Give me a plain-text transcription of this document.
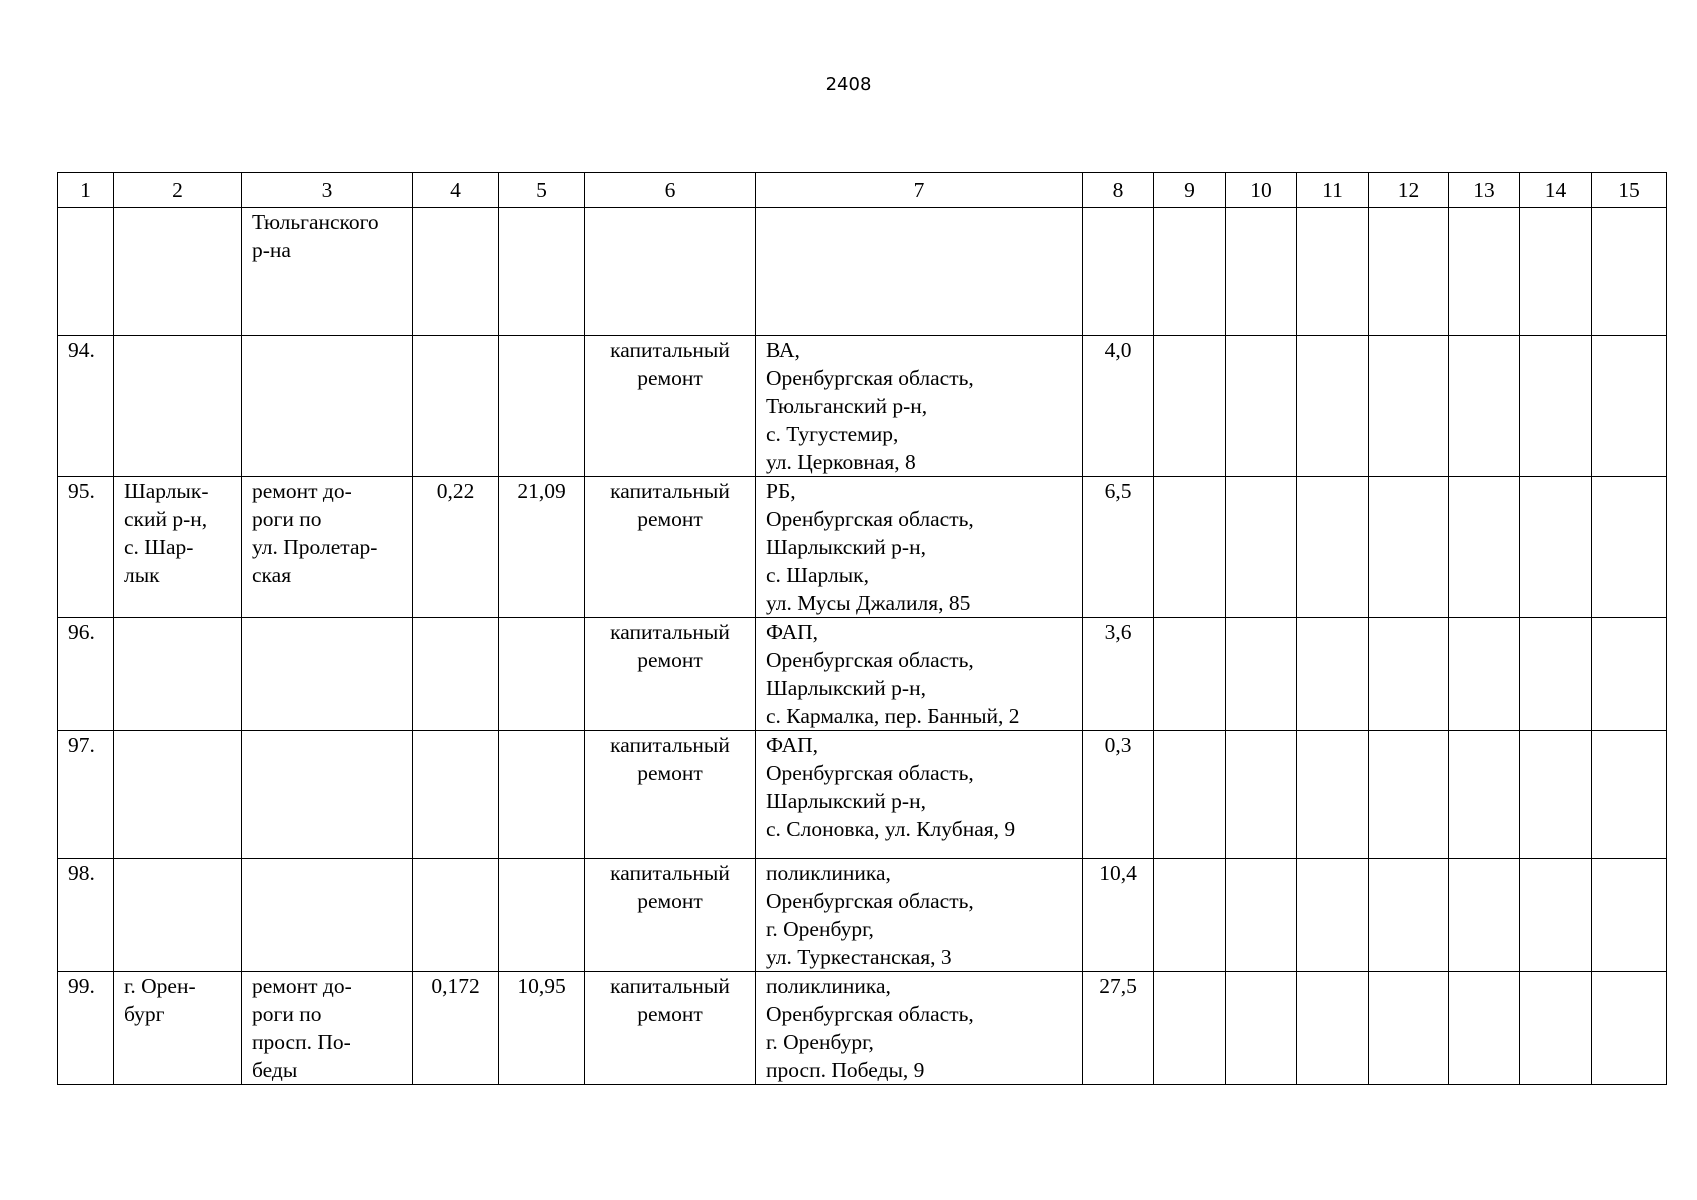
2408
1	2	3	4	5	6	7	8	9	10	11	12	13	14	15
		Тюльганского
р-на												
94.					капитальный
ремонт	ВА,
Оренбургская область,
Тюльганский р-н,
с. Тугустемир,
ул. Церковная, 8	4,0							
95.	Шарлык-
ский р-н,
с. Шар-
лык	ремонт до-
роги по
ул. Пролетар-
ская	0,22	21,09	капитальный
ремонт	РБ,
Оренбургская область,
Шарлыкский р-н,
с. Шарлык,
ул. Мусы Джалиля, 85	6,5							
96.					капитальный
ремонт	ФАП,
Оренбургская область,
Шарлыкский р-н,
с. Кармалка, пер. Банный, 2	3,6							
97.					капитальный
ремонт	ФАП,
Оренбургская область,
Шарлыкский р-н,
с. Слоновка, ул. Клубная, 9	0,3							
98.					капитальный
ремонт	поликлиника,
Оренбургская область,
г. Оренбург,
ул. Туркестанская, 3	10,4							
99.	г. Орен-
бург	ремонт до-
роги по
просп. По-
беды	0,172	10,95	капитальный
ремонт	поликлиника,
Оренбургская область,
г. Оренбург,
просп. Победы, 9	27,5							
